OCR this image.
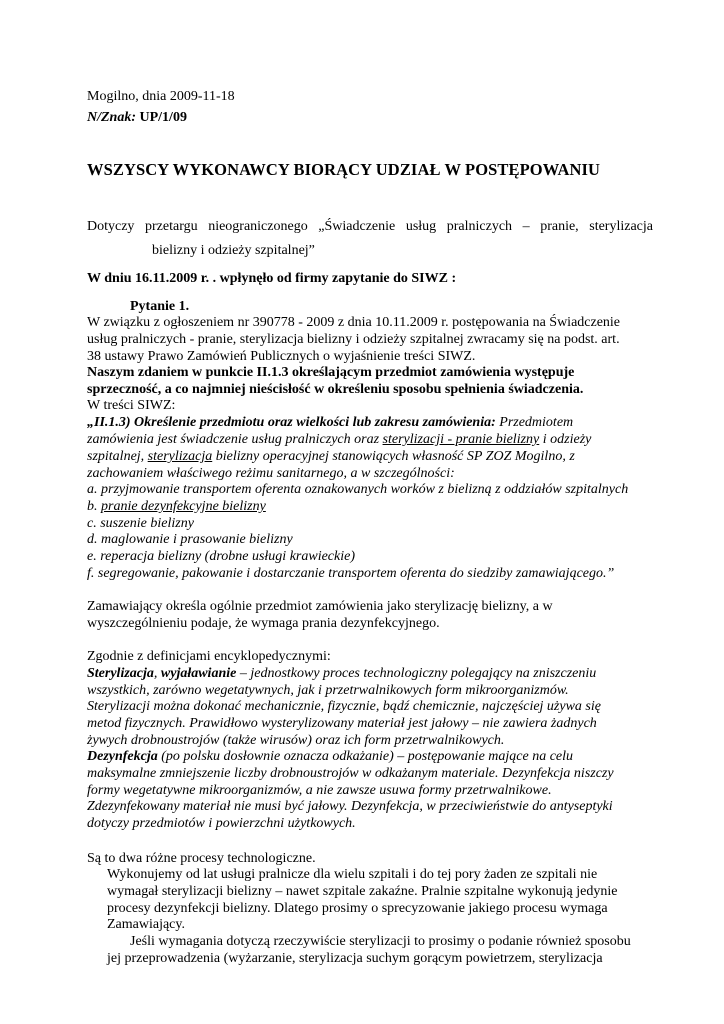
Mogilno, dnia 2009-11-18
N/Znak: UP/1/09
WSZYSCY WYKONAWCY BIORĄCY UDZIAŁ W POSTĘPOWANIU
Dotyczy przetargu nieograniczonego „Świadczenie usług pralniczych – pranie, sterylizacja
bielizny i odzieży szpitalnej”
W dniu 16.11.2009 r. . wpłynęło od firmy zapytanie do SIWZ :
Pytanie 1.
W związku z ogłoszeniem nr 390778 - 2009 z dnia 10.11.2009 r. postępowania na Świadczenie
usług pralniczych - pranie, sterylizacja bielizny i odzieży szpitalnej zwracamy się na podst. art.
38 ustawy Prawo Zamówień Publicznych o wyjaśnienie treści SIWZ.
Naszym zdaniem w punkcie II.1.3 określającym przedmiot zamówienia występuje
sprzeczność, a co najmniej nieścisłość w określeniu sposobu spełnienia świadczenia.
W treści SIWZ:
„II.1.3) Określenie przedmiotu oraz wielkości lub zakresu zamówienia: Przedmiotem
zamówienia jest świadczenie usług pralniczych oraz sterylizacji - pranie bielizny i odzieży
szpitalnej, sterylizacja bielizny operacyjnej stanowiących własność SP ZOZ Mogilno, z
zachowaniem właściwego reżimu sanitarnego, a w szczególności:
a. przyjmowanie transportem oferenta oznakowanych worków z bielizną z oddziałów szpitalnych
b. pranie dezynfekcyjne bielizny
c. suszenie bielizny
d. maglowanie i prasowanie bielizny
e. reperacja bielizny (drobne usługi krawieckie)
f. segregowanie, pakowanie i dostarczanie transportem oferenta do siedziby zamawiającego.”
Zamawiający określa ogólnie przedmiot zamówienia jako sterylizację bielizny, a w
wyszczególnieniu podaje, że wymaga prania dezynfekcyjnego.
Zgodnie z definicjami encyklopedycznymi:
Sterylizacja, wyjaławianie – jednostkowy proces technologiczny polegający na zniszczeniu
wszystkich, zarówno wegetatywnych, jak i przetrwalnikowych form mikroorganizmów.
Sterylizacji można dokonać mechanicznie, fizycznie, bądź chemicznie, najczęściej używa się
metod fizycznych. Prawidłowo wysterylizowany materiał jest jałowy – nie zawiera żadnych
żywych drobnoustrojów (także wirusów) oraz ich form przetrwalnikowych.
Dezynfekcja (po polsku dosłownie oznacza odkażanie) – postępowanie mające na celu
maksymalne zmniejszenie liczby drobnoustrojów w odkażanym materiale. Dezynfekcja niszczy
formy wegetatywne mikroorganizmów, a nie zawsze usuwa formy przetrwalnikowe.
Zdezynfekowany materiał nie musi być jałowy. Dezynfekcja, w przeciwieństwie do antyseptyki
dotyczy przedmiotów i powierzchni użytkowych.
Są to dwa różne procesy technologiczne.
Wykonujemy od lat usługi pralnicze dla wielu szpitali i do tej pory żaden ze szpitali nie
wymagał sterylizacji bielizny – nawet szpitale zakaźne. Pralnie szpitalne wykonują jedynie
procesy dezynfekcji bielizny. Dlatego prosimy o sprecyzowanie jakiego procesu wymaga
Zamawiający.
Jeśli wymagania dotyczą rzeczywiście sterylizacji to prosimy o podanie również sposobu
jej przeprowadzenia (wyżarzanie, sterylizacja suchym gorącym powietrzem, sterylizacja
